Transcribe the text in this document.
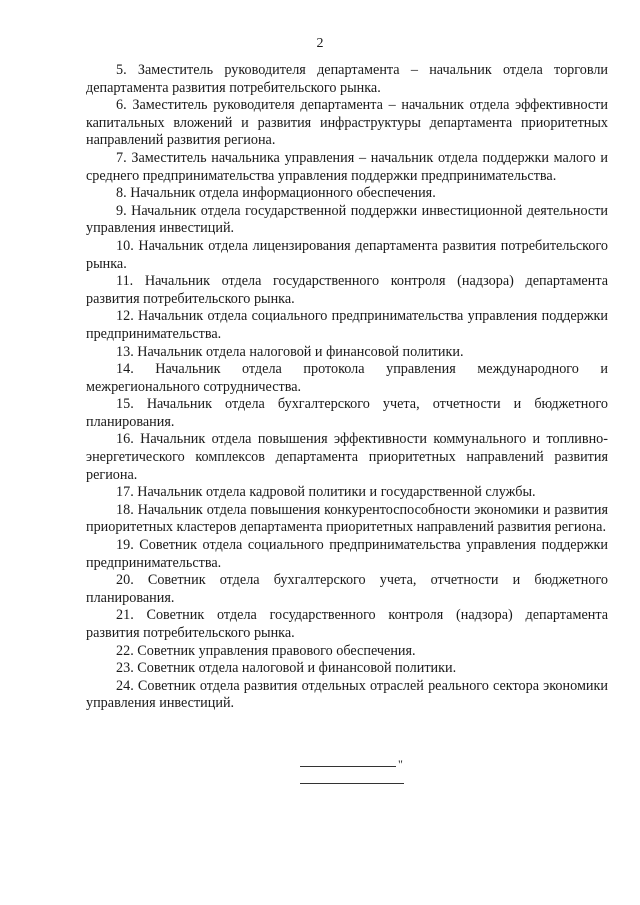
2
5. Заместитель руководителя департамента – начальник отдела торговли департамента развития потребительского рынка.
6. Заместитель руководителя департамента – начальник отдела эффективности капитальных вложений и развития инфраструктуры департамента приоритетных направлений развития региона.
7. Заместитель начальника управления – начальник отдела поддержки малого и среднего предпринимательства управления поддержки предпринимательства.
8. Начальник отдела информационного обеспечения.
9. Начальник отдела государственной поддержки инвестиционной деятельности управления инвестиций.
10. Начальник отдела лицензирования департамента развития потребительского рынка.
11. Начальник отдела государственного контроля (надзора) департамента развития потребительского рынка.
12. Начальник отдела социального предпринимательства управления поддержки предпринимательства.
13. Начальник отдела налоговой и финансовой политики.
14. Начальник отдела протокола управления международного и межрегионального сотрудничества.
15. Начальник отдела бухгалтерского учета, отчетности и бюджетного планирования.
16. Начальник отдела повышения эффективности коммунального и топливно-энергетического комплексов департамента приоритетных направлений развития региона.
17. Начальник отдела кадровой политики и государственной службы.
18. Начальник отдела повышения конкурентоспособности экономики и развития приоритетных кластеров департамента приоритетных направлений развития региона.
19. Советник отдела социального предпринимательства управления поддержки предпринимательства.
20. Советник отдела бухгалтерского учета, отчетности и бюджетного планирования.
21. Советник отдела государственного контроля (надзора) департамента развития потребительского рынка.
22. Советник управления правового обеспечения.
23. Советник отдела налоговой и финансовой политики.
24. Советник отдела развития отдельных отраслей реального сектора экономики управления инвестиций.
"
